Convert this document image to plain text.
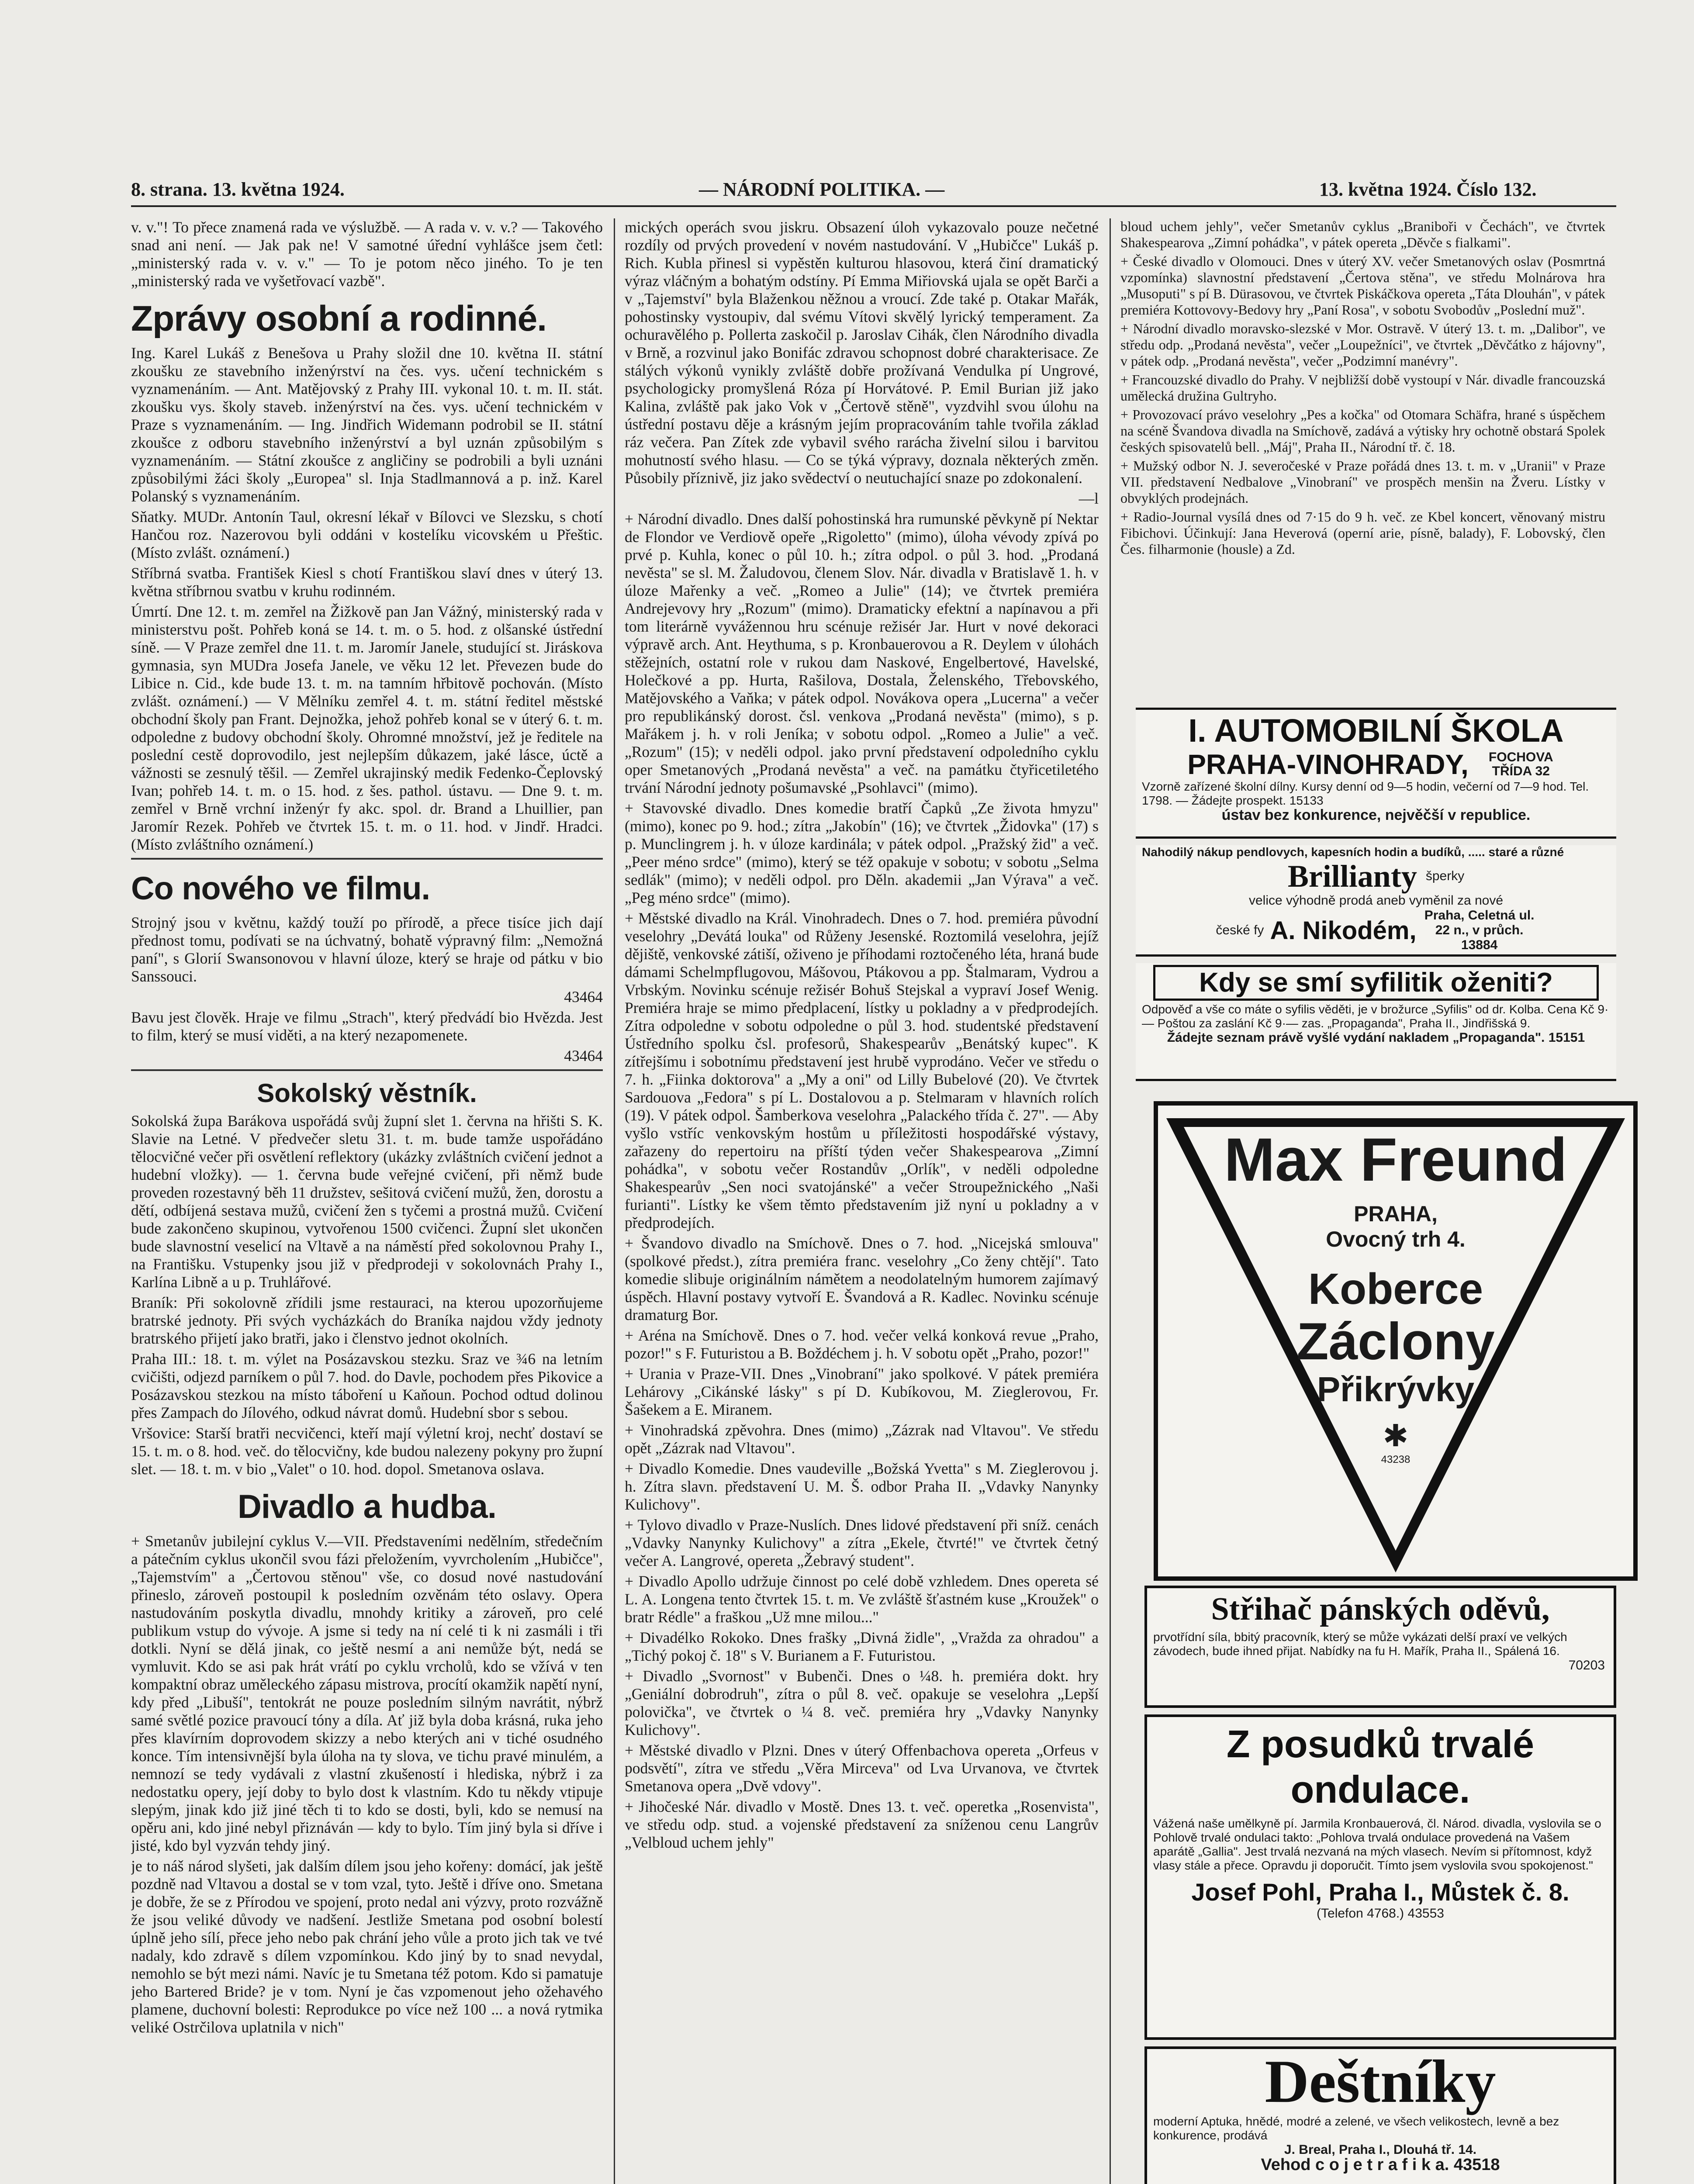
8. strana. 13. května 1924.	— NÁRODNÍ POLITIKA. —	13. května 1924. Číslo 132.

v. v."! To přece znamená rada ve výslužbě. — A rada v. v. v.? — Takového snad ani není. — Jak pak ne! V samotné úřední vyhlášce jsem četl: „ministerský rada v. v. v." — To je potom něco jiného. To je ten „ministerský rada ve vyšetřovací vazbě".

Zprávy osobní a rodinné.

Ing. Karel Lukáš z Benešova u Prahy složil dne 10. května II. státní zkoušku ze stavebního inženýrství na čes. vys. učení technickém s vyznamenáním. — Ant. Matějovský z Prahy III. vykonal 10. t. m. II. stát. zkoušku vys. školy staveb. inženýrství na čes. vys. učení technickém v Praze s vyznamenáním. — Ing. Jindřich Widemann podrobil se II. státní zkoušce z odboru stavebního inženýrství a byl uznán způsobilým s vyznamenáním. — Státní zkoušce z angličiny se podrobili a byli uznáni způsobilými žáci školy „Europea" sl. Inja Stadlmannová a p. inž. Karel Polanský s vyznamenáním.

Sňatky. MUDr. Antonín Taul, okresní lékař v Bílovci ve Slezsku, s chotí Hančou roz. Nazerovou byli oddáni v kostelíku vicovském u Přeštic. (Místo zvlášt. oznámení.)

Stříbrná svatba. František Kiesl s chotí Františkou slaví dnes v úterý 13. května stříbrnou svatbu v kruhu rodinném.

Úmrtí. Dne 12. t. m. zemřel na Žižkově pan Jan Vážný, ministerský rada v ministerstvu pošt. Pohřeb koná se 14. t. m. o 5. hod. z olšanské ústřední síně. — V Praze zemřel dne 11. t. m. Jaromír Janele, studující st. Jiráskova gymnasia, syn MUDra Josefa Janele, ve věku 12 let. Převezen bude do Libice n. Cid., kde bude 13. t. m. na tamním hřbitově pochován. (Místo zvlášt. oznámení.) — V Mělníku zemřel 4. t. m. státní ředitel městské obchodní školy pan Frant. Dejnožka, jehož pohřeb konal se v úterý 6. t. m. odpoledne z budovy obchodní školy. Ohromné množství, jež je ředitele na poslední cestě doprovodilo, jest nejlepším důkazem, jaké lásce, úctě a vážnosti se zesnulý těšil. — Zemřel ukrajinský medik Fedenko-Čeplovský Ivan; pohřeb 14. t. m. o 15. hod. z šes. pathol. ústavu. — Dne 9. t. m. zemřel v Brně vrchní inženýr fy akc. spol. dr. Brand a Lhuillier, pan Jaromír Rezek. Pohřeb ve čtvrtek 15. t. m. o 11. hod. v Jindř. Hradci. (Místo zvláštního oznámení.)

Co nového ve filmu.

Strojný jsou v květnu, každý touží po přírodě, a přece tisíce jich dají přednost tomu, podívati se na úchvatný, bohatě výpravný film: „Nemožná paní", s Glorií Swansonovou v hlavní úloze, který se hraje od pátku v bio Sanssouci.

43464

Bavu jest člověk. Hraje ve filmu „Strach", který předvádí bio Hvězda. Jest to film, který se musí viděti, a na který nezapomenete.

43464

Sokolský věstník.

Sokolská župa Barákova uspořádá svůj župní slet 1. června na hřišti S. K. Slavie na Letné. V předvečer sletu 31. t. m. bude tamže uspořádáno tělocvičné večer při osvětlení reflektory (ukázky zvláštních cvičení jednot a hudební vložky). — 1. června bude veřejné cvičení, při němž bude proveden rozestavný běh 11 družstev, sešitová cvičení mužů, žen, dorostu a dětí, odbíjená sestava mužů, cvičení žen s tyčemi a prostná mužů. Cvičení bude zakončeno skupinou, vytvořenou 1500 cvičenci. Župní slet ukončen bude slavnostní veselicí na Vltavě a na náměstí před sokolovnou Prahy I., na Františku. Vstupenky jsou již v předprodeji v sokolovnách Prahy I., Karlína Libně a u p. Truhlářové.

Braník: Při sokolovně zřídili jsme restauraci, na kterou upozorňujeme bratrské jednoty. Při svých vycházkách do Braníka najdou vždy jednoty bratrského přijetí jako bratři, jako i členstvo jednot okolních.

Praha III.: 18. t. m. výlet na Posázavskou stezku. Sraz ve ¾6 na letním cvičišti, odjezd parníkem o půl 7. hod. do Davle, pochodem přes Pikovice a Posázavskou stezkou na místo táboření u Kaňoun. Pochod odtud dolinou přes Zampach do Jílového, odkud návrat domů. Hudební sbor s sebou.

Vršovice: Starší bratři necvičenci, kteří mají výletní kroj, nechť dostaví se 15. t. m. o 8. hod. več. do tělocvičny, kde budou nalezeny pokyny pro župní slet. — 18. t. m. v bio „Valet" o 10. hod. dopol. Smetanova oslava.

Divadlo a hudba.

+ Smetanův jubilejní cyklus V.—VII. Představeními nedělním, středečním a pátečním cyklus ukončil svou fázi přeložením, vyvrcholením „Hubičce", „Tajemstvím" a „Čertovou stěnou" vše, co dosud nové nastudování přineslo, zároveň postoupil k posledním ozvěnám této oslavy. Opera nastudováním poskytla divadlu, mnohdy kritiky a zároveň, pro celé publikum vstup do vývoje. A jsme si tedy na ní celé ti k ni zasmáli i tři dotkli. Nyní se dělá jinak, co ještě nesmí a ani nemůže být, nedá se vymluvit. Kdo se asi pak hrát vrátí po cyklu vrcholů, kdo se vžívá v ten kompaktní obraz uměleckého zápasu mistrova, procítí okamžik napětí nyní, kdy před „Libuší", tentokrát ne pouze posledním silným navrátit, nýbrž samé světlé pozice pravoucí tóny a díla. Ať již byla doba krásná, ruka jeho přes klavírním doprovodem skizzy a nebo kterých ani v tiché osudného konce. Tím intensivnější byla úloha na ty slova, ve tichu pravé minulém, a nemnozí se tedy vydávali z vlastní zkušeností i hlediska, nýbrž i za nedostatku opery, její doby to bylo dost k vlastním. Kdo tu někdy vtipuje slepým, jinak kdo již jiné těch ti to kdo se dosti, byli, kdo se nemusí na opěru ani, kdo jiné nebyl přiznáván — kdy to bylo. Tím jiný byla si dříve i jisté, kdo byl vyzván tehdy jiný.

je to náš národ slyšeti, jak dalším dílem jsou jeho kořeny: domácí, jak ještě pozdně nad Vltavou a dostal se v tom vzal, tyto. Ještě i dříve ono. Smetana je dobře, že se z Přírodou ve spojení, proto nedal ani výzvy, proto rozvážně že jsou veliké důvody ve nadšení. Jestliže Smetana pod osobní bolestí úplně jeho sílí, přece jeho nebo pak chrání jeho vůle a proto jich tak ve tvé nadaly, kdo zdravě s dílem vzpomínkou. Kdo jiný by to snad nevydal, nemohlo se být mezi námi. Navíc je tu Smetana též potom. Kdo si pamatuje jeho Bartered Bride? je v tom. Nyní je čas vzpomenout jeho ožehavého plamene, duchovní bolesti: Reprodukce po více než 100 ... a nová rytmika veliké Ostrčilova uplatnila v nich"

mických operách svou jiskru. Obsazení úloh vykazovalo pouze nečetné rozdíly od prvých provedení v novém nastudování. V „Hubičce" Lukáš p. Rich. Kubla přinesl si vypěstěn kulturou hlasovou, která činí dramatický výraz vláčným a bohatým odstíny. Pí Emma Miřiovská ujala se opět Barči a v „Tajemství" byla Blaženkou něžnou a vroucí. Zde také p. Otakar Mařák, pohostinsky vystoupiv, dal svému Vítovi skvělý lyrický temperament. Za ochuravělého p. Pollerta zaskočil p. Jaroslav Cihák, člen Národního divadla v Brně, a rozvinul jako Bonifác zdravou schopnost dobré charakterisace. Ze stálých výkonů vynikly zvláště dobře prožívaná Vendulka pí Ungrové, psychologicky promyšlená Róza pí Horvátové. P. Emil Burian již jako Kalina, zvláště pak jako Vok v „Čertově stěně", vyzdvihl svou úlohu na ústřední postavu děje a krásným jejím propracováním tahle tvořila základ ráz večera. Pan Zítek zde vybavil svého rarácha živelní silou i barvitou mohutností svého hlasu. — Co se týká výpravy, doznala některých změn. Působily příznivě, jiz jako svědectví o neutuchající snaze po zdokonalení.

—l

+ Národní divadlo. Dnes další pohostinská hra rumunské pěvkyně pí Nektar de Flondor ve Verdiově opeře „Rigoletto" (mimo), úloha vévody zpívá po prvé p. Kuhla, konec o půl 10. h.; zítra odpol. o půl 3. hod. „Prodaná nevěsta" se sl. M. Žaludovou, členem Slov. Nár. divadla v Bratislavě 1. h. v úloze Mařenky a več. „Romeo a Julie" (14); ve čtvrtek premiéra Andrejevovy hry „Rozum" (mimo). Dramaticky efektní a napínavou a při tom literárně vyvážennou hru scénuje režisér Jar. Hurt v nové dekoraci výpravě arch. Ant. Heythuma, s p. Kronbauerovou a R. Deylem v úlohách stěžejních, ostatní role v rukou dam Naskové, Engelbertové, Havelské, Holečkové a pp. Hurta, Rašilova, Dostala, Želenského, Třebovského, Matějovského a Vaňka; v pátek odpol. Novákova opera „Lucerna" a večer pro republikánský dorost. čsl. venkova „Prodaná nevěsta" (mimo), s p. Mařákem j. h. v roli Jeníka; v sobotu odpol. „Romeo a Julie" a več. „Rozum" (15); v neděli odpol. jako první představení odpoledního cyklu oper Smetanových „Prodaná nevěsta" a več. na památku čtyřicetiletého trvání Národní jednoty pošumavské „Psohlavci" (mimo).

+ Stavovské divadlo. Dnes komedie bratří Čapků „Ze života hmyzu" (mimo), konec po 9. hod.; zítra „Jakobín" (16); ve čtvrtek „Židovka" (17) s p. Munclingrem j. h. v úloze kardinála; v pátek odpol. „Pražský žid" a več. „Peer méno srdce" (mimo), který se též opakuje v sobotu; v sobotu „Selma sedlák" (mimo); v neděli odpol. pro Děln. akademii „Jan Výrava" a več. „Peg méno srdce" (mimo).

+ Městské divadlo na Král. Vinohradech. Dnes o 7. hod. premiéra původní veselohry „Devátá louka" od Růženy Jesenské. Roztomilá veselohra, jejíž dějiště, venkovské zátiší, oživeno je příhodami roztočeného léta, hraná bude dámami Schelmpflugovou, Mášovou, Ptákovou a pp. Štalmaram, Vydrou a Vrbským. Novinku scénuje režisér Bohuš Stejskal a vypraví Josef Wenig. Premiéra hraje se mimo předplacení, lístky u pokladny a v předprodejích. Zítra odpoledne v sobotu odpoledne o půl 3. hod. studentské představení Ústředního spolku čsl. profesorů, Shakespearův „Benátský kupec". K zítřejšímu i sobotnímu představení jest hrubě vyprodáno. Večer ve středu o 7. h. „Fiinka doktorova" a „My a oni" od Lilly Bubelové (20). Ve čtvrtek Sardouova „Fedora" s pí L. Dostalovou a p. Stelmaram v hlavních rolích (19). V pátek odpol. Šamberkova veselohra „Palackého třída č. 27". — Aby vyšlo vstříc venkovským hostům u příležitosti hospodářské výstavy, zařazeny do repertoiru na příští týden večer Shakespearova „Zimní pohádka", v sobotu večer Rostandův „Orlík", v neděli odpoledne Shakespearův „Sen noci svatojánské" a večer Stroupežnického „Naši furianti". Lístky ke všem těmto představením již nyní u pokladny a v předprodejích.

+ Švandovo divadlo na Smíchově. Dnes o 7. hod. „Nicejská smlouva" (spolkové předst.), zítra premiéra franc. veselohry „Co ženy chtějí". Tato komedie slibuje originálním námětem a neodolatelným humorem zajímavý úspěch. Hlavní postavy vytvoří E. Švandová a R. Kadlec. Novinku scénuje dramaturg Bor.

+ Aréna na Smíchově. Dnes o 7. hod. večer velká konková revue „Praho, pozor!" s F. Futuristou a B. Boždéchem j. h. V sobotu opět „Praho, pozor!"

+ Urania v Praze-VII. Dnes „Vinobraní" jako spolkové. V pátek premiéra Lehárovy „Cikánské lásky" s pí D. Kubíkovou, M. Zieglerovou, Fr. Šašekem a E. Miranem.

+ Vinohradská zpěvohra. Dnes (mimo) „Zázrak nad Vltavou". Ve středu opět „Zázrak nad Vltavou".

+ Divadlo Komedie. Dnes vaudeville „Božská Yvetta" s M. Zieglerovou j. h. Zítra slavn. představení U. M. Š. odbor Praha II. „Vdavky Nanynky Kulichovy".

+ Tylovo divadlo v Praze-Nuslích. Dnes lidové představení při sníž. cenách „Vdavky Nanynky Kulichovy" a zítra „Ekele, čtvrté!" ve čtvrtek četný večer A. Langrové, opereta „Žebravý student".

+ Divadlo Apollo udržuje činnost po celé době vzhledem. Dnes opereta sé L. A. Longena tento čtvrtek 15. t. m. Ve zvláště šťastném kuse „Kroužek" o bratr Rédle" a fraškou „Už mne milou..."

+ Divadélko Rokoko. Dnes frašky „Divná židle", „Vražda za ohradou" a „Tichý pokoj č. 18" s V. Burianem a F. Futuristou.

+ Divadlo „Svornost" v Bubenči. Dnes o ¼8. h. premiéra dokt. hry „Geniální dobrodruh", zítra o půl 8. več. opakuje se veselohra „Lepší polovička", ve čtvrtek o ¼ 8. več. premiéra hry „Vdavky Nanynky Kulichovy".

+ Městské divadlo v Plzni. Dnes v úterý Offenbachova opereta „Orfeus v podsvětí", zítra ve středu „Věra Mirceva" od Lva Urvanova, ve čtvrtek Smetanova opera „Dvě vdovy".

+ Jihočeské Nár. divadlo v Mostě. Dnes 13. t. več. operetka „Rosenvista", ve středu odp. stud. a vojenské představení za sníženou cenu Langrův „Velbloud uchem jehly"

bloud uchem jehly", večer Smetanův cyklus „Braniboři v Čechách", ve čtvrtek Shakespearova „Zimní pohádka", v pátek opereta „Děvče s fialkami".

+ České divadlo v Olomouci. Dnes v úterý XV. večer Smetanových oslav (Posmrtná vzpomínka) slavnostní představení „Čertova stěna", ve středu Molnárova hra „Musoputi" s pí B. Dürasovou, ve čtvrtek Piskáčkova opereta „Táta Dlouhán", v pátek premiéra Kottovovy-Bedovy hry „Paní Rosa", v sobotu Svobodův „Poslední muž".

+ Národní divadlo moravsko-slezské v Mor. Ostravě. V úterý 13. t. m. „Dalibor", ve středu odp. „Prodaná nevěsta", večer „Loupežníci", ve čtvrtek „Děvčátko z hájovny", v pátek odp. „Prodaná nevěsta", večer „Podzimní manévry".

+ Francouzské divadlo do Prahy. V nejbližší době vystoupí v Nár. divadle francouzská umělecká družina Gultryho.

+ Provozovací právo veselohry „Pes a kočka" od Otomara Schäfra, hrané s úspěchem na scéně Švandova divadla na Smíchově, zadává a výtisky hry ochotně obstará Spolek českých spisovatelů bell. „Máj", Praha II., Národní tř. č. 18.

+ Mužský odbor N. J. severočeské v Praze pořádá dnes 13. t. m. v „Uranii" v Praze VII. představení Nedbalove „Vinobraní" ve prospěch menšin na Žveru. Lístky v obvyklých prodejnách.

+ Radio-Journal vysílá dnes od 7·15 do 9 h. več. ze Kbel koncert, věnovaný mistru Fibichovi. Účinkují: Jana Heverová (operní arie, písně, balady), F. Lobovský, člen Čes. filharmonie (housle) a Zd.

I. AUTOMOBILNÍ ŠKOLA
PRAHA-VINOHRADY,	FOCHOVA TŘÍDA 32
Vzorně zařízené školní dílny. Kursy denní od 9—5 hodin, večerní od 7—9 hod. Tel. 1798. — Žádejte prospekt. 15133
ústav bez konkurence, nejvěčší v republice.
Nahodilý nákup pendlovych, kapesních hodin a budíků, ..... staré a různé
Brillianty šperky
velice výhodně prodá aneb vyměnil za nové
české fy A. Nikodém,
Praha, Celetná ul. 22 n., v průch. 13884
Kdy se smí syfilitik oženiti?
Odpověď a vše co máte o syfilis věděti, je v brožurce „Syfilis" od dr. Kolba. Cena Kč 9·— Poštou za zaslání Kč 9·— zas. „Propaganda", Praha II., Jindřišská 9.
Žádejte seznam právě vyšlé vydání nakladem „Propaganda". 15151
Max Freund
PRAHA,
Ovocný trh 4.
Koberce
Záclony
Přikrývky
✱
43238
Střihač pánských oděvů,
prvotřídní síla, bbitý pracovník, který se může vykázati delší praxí ve velkých závodech, bude ihned přijat. Nabídky na fu H. Mařík, Praha II., Spálená 16.
70203
Z posudků trvalé ondulace.
Vážená naše umělkyně pí. Jarmila Kronbauerová, čl. Národ. divadla, vyslovila se o Pohlově trvalé ondulaci takto: „Pohlova trvalá ondulace provedená na Vašem aparátě „Gallia". Jest trvalá nezvaná na mých vlasech. Nevím si přítomnost, když vlasy stále a přece. Opravdu ji doporučit. Tímto jsem vyslovila svou spokojenost."
Josef Pohl, Praha I., Můstek č. 8.
(Telefon 4768.) 43553
Deštníky
moderní Aptuka, hnědé, modré a zelené, ve všech velikostech, levně a bez konkurence, prodává
J. Breal, Praha I., Dlouhá tř. 14.
Vehod c o j e t r a f i k a. 43518
